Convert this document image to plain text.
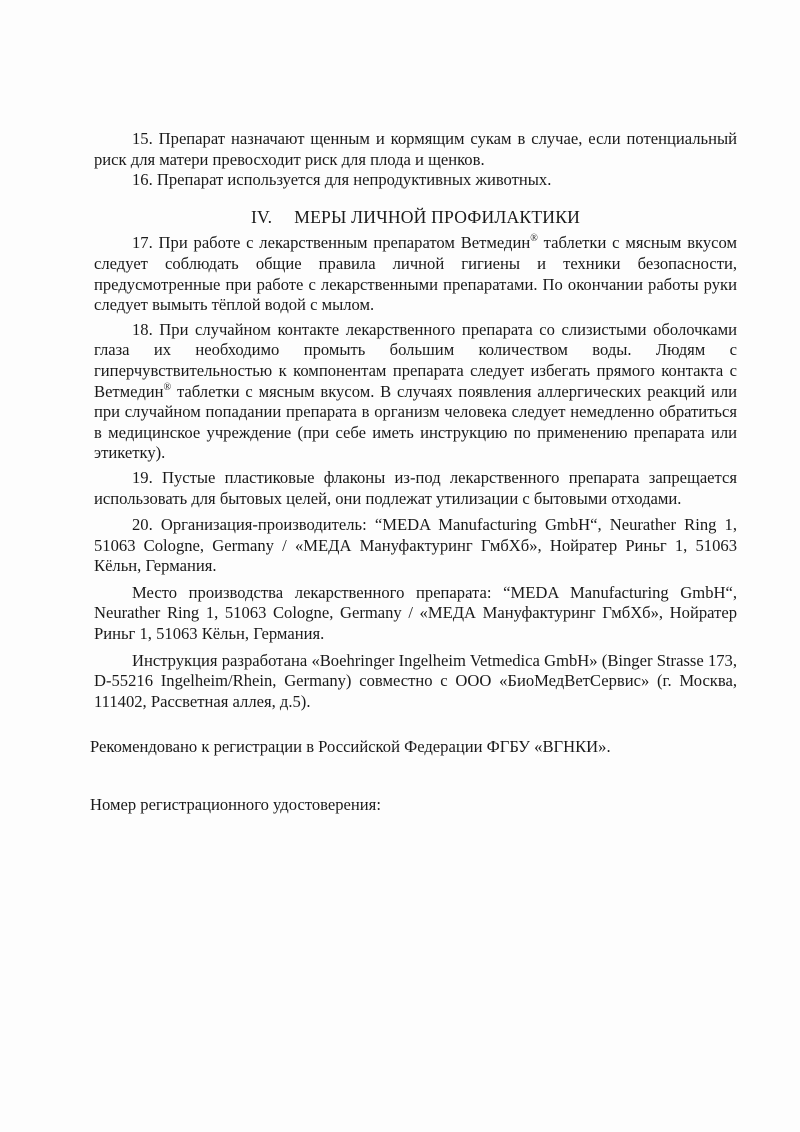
15. Препарат назначают щенным и кормящим сукам в случае, если потенциальный риск для матери превосходит риск для плода и щенков.

16. Препарат используется для непродуктивных животных.

IV. МЕРЫ ЛИЧНОЙ ПРОФИЛАКТИКИ

17. При работе с лекарственным препаратом Ветмедин® таблетки с мясным вкусом следует соблюдать общие правила личной гигиены и техники безопасности, предусмотренные при работе с лекарственными препаратами. По окончании работы руки следует вымыть тёплой водой с мылом.

18. При случайном контакте лекарственного препарата со слизистыми оболочками глаза их необходимо промыть большим количеством воды. Людям с гиперчувствительностью к компонентам препарата следует избегать прямого контакта с Ветмедин® таблетки с мясным вкусом. В случаях появления аллергических реакций или при случайном попадании препарата в организм человека следует немедленно обратиться в медицинское учреждение (при себе иметь инструкцию по применению препарата или этикетку).

19. Пустые пластиковые флаконы из-под лекарственного препарата запрещается использовать для бытовых целей, они подлежат утилизации с бытовыми отходами.

20. Организация-производитель: “MEDA Manufacturing GmbH“, Neurather Ring 1, 51063 Cologne, Germany / «МЕДА Мануфактуринг ГмбХб», Нойратер Риньг 1, 51063 Кёльн, Германия.

Место производства лекарственного препарата: “MEDA Manufacturing GmbH“, Neurather Ring 1, 51063 Cologne, Germany / «МЕДА Мануфактуринг ГмбХб», Нойратер Риньг 1, 51063 Кёльн, Германия.

Инструкция разработана «Boehringer Ingelheim Vetmedica GmbH» (Binger Strasse 173, D-55216 Ingelheim/Rhein, Germany) совместно с ООО «БиоМедВетСервис» (г. Москва, 111402, Рассветная аллея, д.5).

Рекомендовано к регистрации в Российской Федерации ФГБУ «ВГНКИ».

Номер регистрационного удостоверения:
